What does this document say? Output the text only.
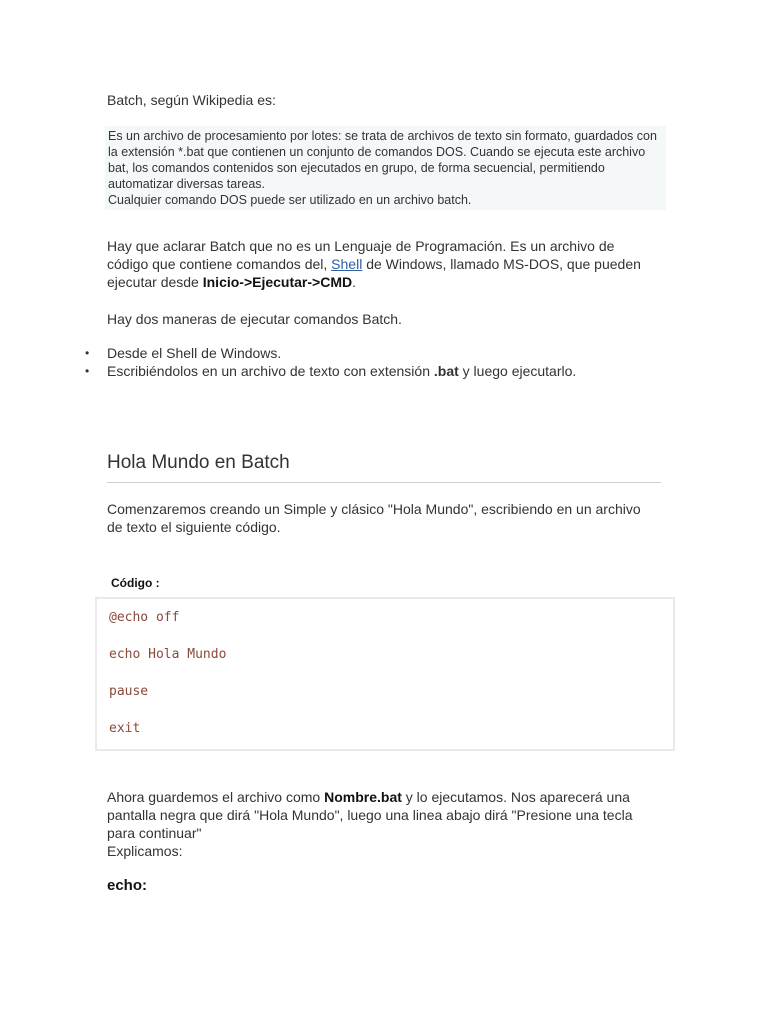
Batch, según Wikipedia es:

Es un archivo de procesamiento por lotes: se trata de archivos de texto sin formato, guardados con la extensión *.bat que contienen un conjunto de comandos DOS. Cuando se ejecuta este archivo bat, los comandos contenidos son ejecutados en grupo, de forma secuencial, permitiendo automatizar diversas tareas.

Cualquier comando DOS puede ser utilizado en un archivo batch.

Hay que aclarar Batch que no es un Lenguaje de Programación. Es un archivo de código que contiene comandos del, Shell de Windows, llamado MS-DOS, que pueden ejecutar desde Inicio->Ejecutar->CMD.
Hay dos maneras de ejecutar comandos Batch.
• Desde el Shell de Windows.
• Escribiéndolos en un archivo de texto con extensión .bat y luego ejecutarlo.
Hola Mundo en Batch
Comenzaremos creando un Simple y clásico "Hola Mundo", escribiendo en un archivo de texto el siguiente código.
Código :
@echo off
echo Hola Mundo
pause
exit
Ahora guardemos el archivo como Nombre.bat y lo ejecutamos. Nos aparecerá una pantalla negra que dirá "Hola Mundo", luego una linea abajo dirá "Presione una tecla para continuar"
Explicamos:
echo:
